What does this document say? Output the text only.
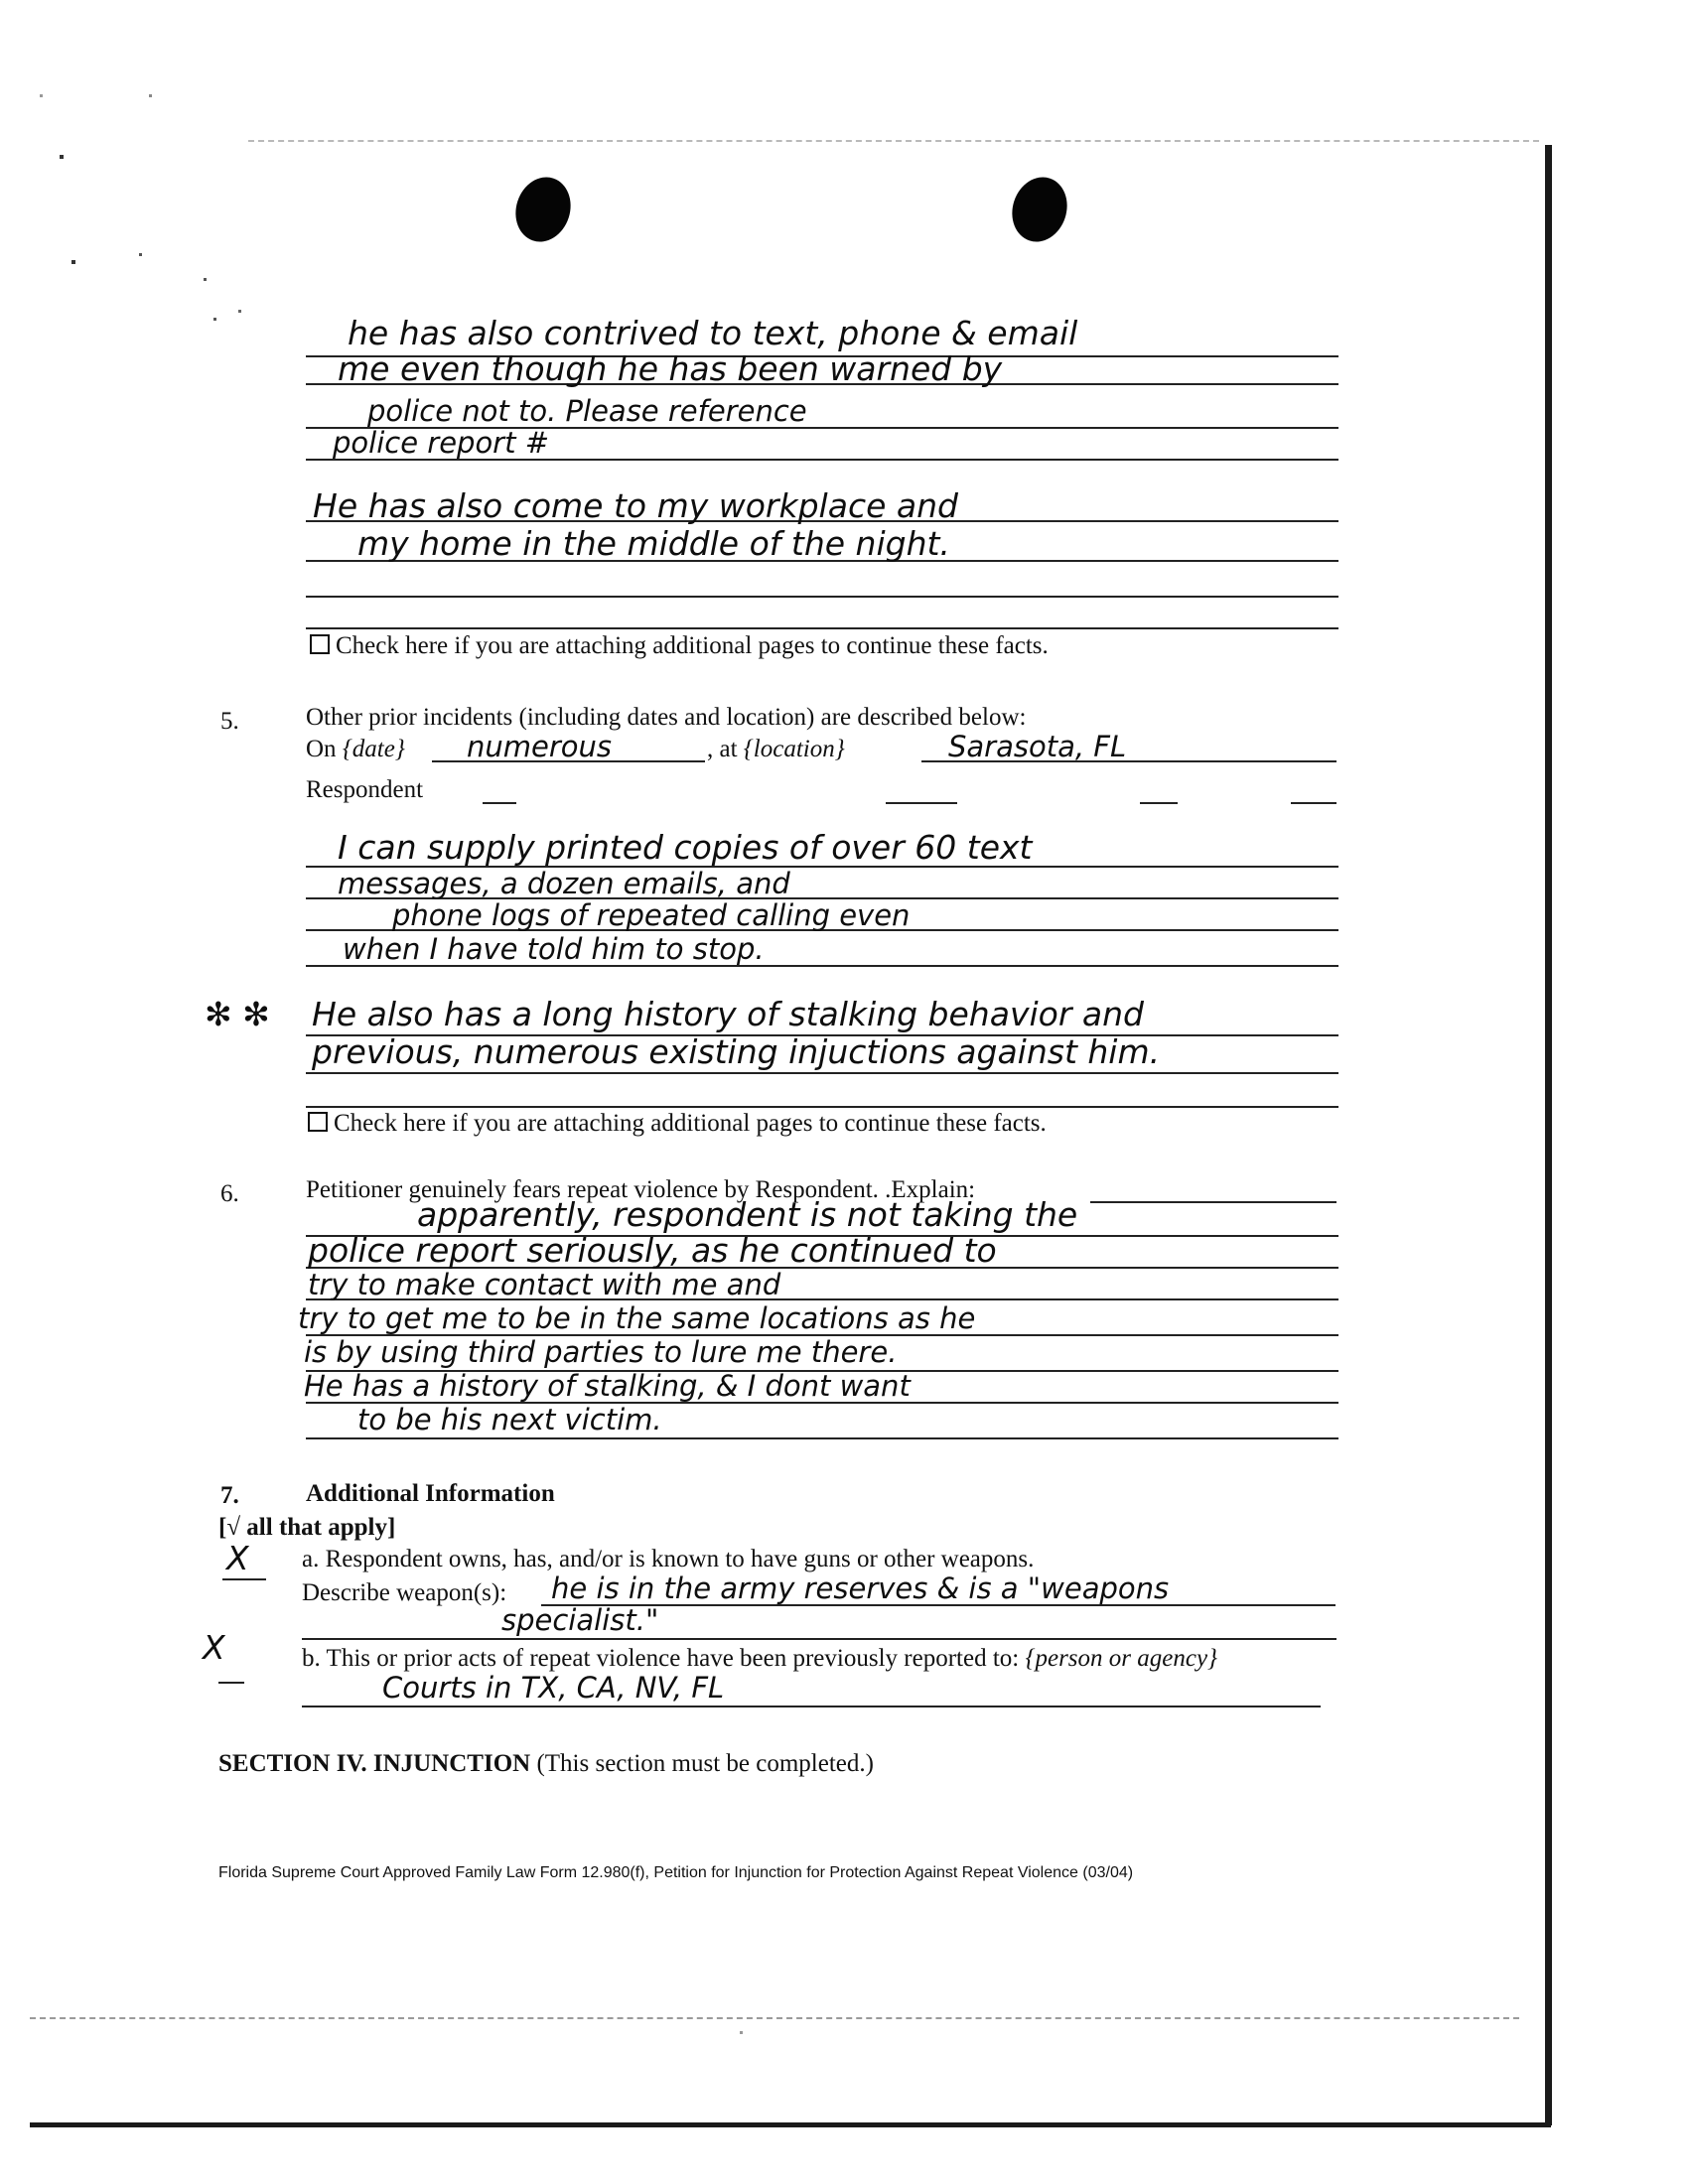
he has also contrived to text, phone & email
me even though he has been warned by
police not to. Please reference
police report #
He has also come to my workplace and
my home in the middle of the night.
Check here if you are attaching additional pages to continue these facts.
5.	Other prior incidents (including dates and location) are described below:
On {date} numerous	, at {location}	Sarasota, FL
Respondent
I can supply printed copies of over 60 text
messages, a dozen emails, and
phone logs of repeated calling even
when I have told him to stop.
✻ ✻ He also has a long history of stalking behavior and
previous, numerous existing injuctions against him.
Check here if you are attaching additional pages to continue these facts.
6.	Petitioner genuinely fears repeat violence by Respondent. .Explain:
apparently, respondent is not taking the
police report seriously, as he continued to
try to make contact with me and
try to get me to be in the same locations as he
is by using third parties to lure me there.
He has a history of stalking, & I dont want
to be his next victim.
7.	Additional Information
[√ all that apply]
X a. Respondent owns, has, and/or is known to have guns or other weapons.
Describe weapon(s): he is in the army reserves & is a "weapons
specialist."
X	b. This or prior acts of repeat violence have been previously reported to: {person or agency}
Courts in TX, CA, NV, FL
SECTION IV. INJUNCTION (This section must be completed.)
Florida Supreme Court Approved Family Law Form 12.980(f), Petition for Injunction for Protection Against Repeat Violence (03/04)
